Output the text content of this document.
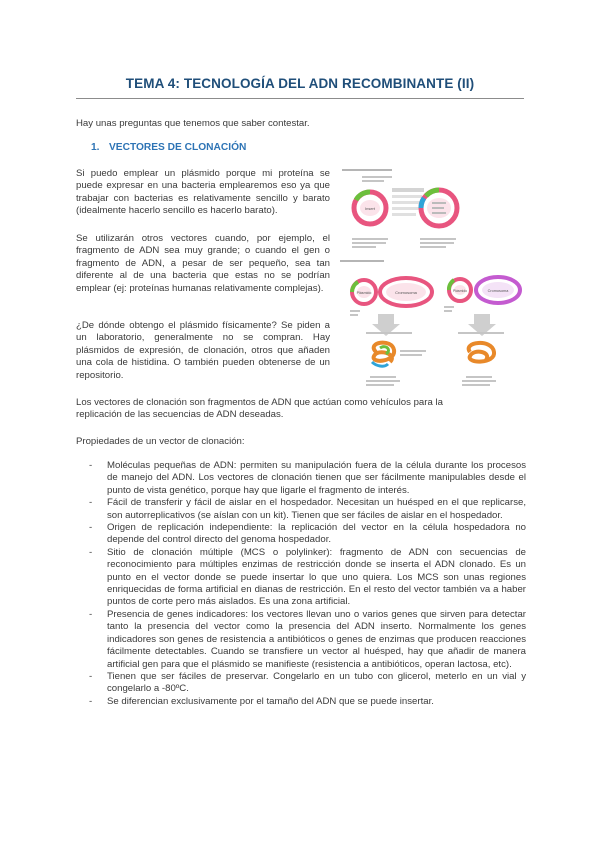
TEMA 4: TECNOLOGÍA DEL ADN RECOMBINANTE (II)
Hay unas preguntas que tenemos que saber contestar.
1. VECTORES DE CLONACIÓN
Si puedo emplear un plásmido porque mi proteína se puede expresar en una bacteria emplearemos eso ya que trabajar con bacterias es relativamente sencillo y barato (idealmente hacerlo sencillo es hacerlo barato).
Se utilizarán otros vectores cuando, por ejemplo, el fragmento de ADN sea muy grande; o cuando el gen o fragmento de ADN, a pesar de ser pequeño, sea tan diferente al de una bacteria que estas no se podrían emplear (ej: proteínas humanas relativamente complejas).
¿De dónde obtengo el plásmido físicamente? Se piden a un laboratorio, generalmente no se compran. Hay plásmidos de expresión, de clonación, otros que añaden una cola de histidina. O también pueden obtenerse de un repositorio.
Los vectores de clonación son fragmentos de ADN que actúan como vehículos para la replicación de las secuencias de ADN deseadas.
Propiedades de un vector de clonación:
Insert
Plásmido	Cromosoma	Plásmido	Cromosoma
- Moléculas pequeñas de ADN: permiten su manipulación fuera de la célula durante los procesos de manejo del ADN. Los vectores de clonación tienen que ser fácilmente manipulables desde el punto de vista genético, porque hay que ligarle el fragmento de interés.
- Fácil de transferir y fácil de aislar en el hospedador. Necesitan un huésped en el que replicarse, son autorreplicativos (se aíslan con un kit). Tienen que ser fáciles de aislar en el hospedador.
- Origen de replicación independiente: la replicación del vector en la célula hospedadora no depende del control directo del genoma hospedador.
- Sitio de clonación múltiple (MCS o polylinker): fragmento de ADN con secuencias de reconocimiento para múltiples enzimas de restricción donde se inserta el ADN clonado. Es un punto en el vector donde se puede insertar lo que uno quiera. Los MCS son unas regiones enriquecidas de forma artificial en dianas de restricción. En el resto del vector también va a haber puntos de corte pero más aislados. Es una zona artificial.
- Presencia de genes indicadores: los vectores llevan uno o varios genes que sirven para detectar tanto la presencia del vector como la presencia del ADN inserto. Normalmente los genes indicadores son genes de resistencia a antibióticos o genes de enzimas que producen reacciones fácilmente detectables. Cuando se transfiere un vector al huésped, hay que añadir de manera artificial gen para que el plásmido se manifieste (resistencia a antibióticos, operan lactosa, etc).
- Tienen que ser fáciles de preservar. Congelarlo en un tubo con glicerol, meterlo en un vial y congelarlo a -80ºC.
- Se diferencian exclusivamente por el tamaño del ADN que se puede insertar.
